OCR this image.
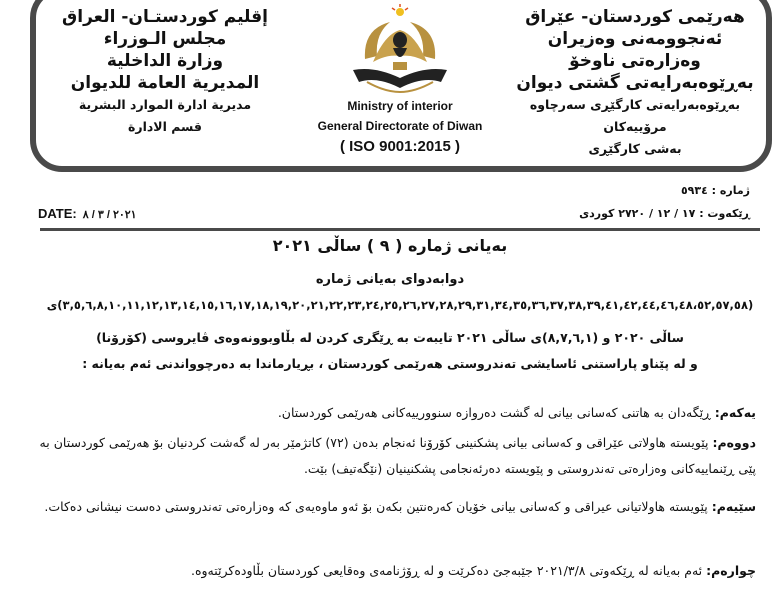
إقليم كوردستـان- العراق
مجلس الـوزراء
وزارة الداخلية
المديرية العامة للديوان
مديرية ادارة الموارد البشرية
قسم الادارة
Ministry of interior
General Directorate of Diwan
( ISO 9001:2015 )
هەرێمی کوردستان- عێراق
ئەنجوومەنی وەزیران
وەزارەتی ناوخۆ
بەڕێوەبەرایەتی گشتی دیوان
بەڕێوەبەرایەتی کارگێڕی سەرچاوە مرۆییەکان
بەشی کارگێڕی
ژمارە : ٥٩٣٤
ڕێکەوت : ١٧ / ١٢ / ٢٧٢٠ کوردی
DATE: ٢٠٢١ / ٣ / ٨
بەیانی ژمارە ( ٩ ) ساڵی ٢٠٢١
دوابەدوای بەیانی ژمارە
(٣,٥,٦,٨,١٠,١١,١٢,١٣,١٤,١٥,١٦,١٧,١٨,١٩,٢٠,٢١,٢٢,٢٣,٢٤,٢٥,٢٦,٢٧,٢٨,٢٩,٣١,٣٤,٣٥,٣٦,٣٧,٣٨,٣٩,٤١,٤٢,٤٤,٤٦,٤٨،٥٢,٥٧,٥٨)ی
ساڵی ٢٠٢٠ و (٨,٧,٦,١)ی ساڵی ٢٠٢١ تایبەت بە ڕێگری کردن لە بڵاوبوونەوەی ڤایروسی (کۆرۆنا)
و لە پێناو پاراستنی ئاسایشی تەندروستی هەرێمی کوردستان ، بڕیارماندا بە دەرچوواندنی ئەم بەیانە :
یەکەم: ڕێگەدان بە هاتنی کەسانی بیانی لە گشت دەروازە سنوورییەکانی هەرێمی کوردستان.
دووەم: پێویستە هاولاتی عێراقی و کەسانی بیانی پشکنینی کۆرۆنا ئەنجام بدەن (٧٢) کاتژمێر بەر لە گەشت کردنیان بۆ هەرێمی کوردستان بە پێی ڕێنماییەکانی وەزارەتی تەندروستی و پێویستە دەرئەنجامی پشکنینیان (نێگەتیف) بێت.
سێیەم: پێویستە هاولاتیانی عیراقی و کەسانی بیانی خۆیان کەرەنتین بکەن بۆ ئەو ماوەیەی کە وەزارەتی تەندروستی دەست نیشانی دەکات.
چوارەم: ئەم بەیانە لە ڕێکەوتی ٢٠٢١/٣/٨ جێبەجێ دەکرێت و لە ڕۆژنامەی وەقایعی کوردستان بڵاودەکرێتەوە.
